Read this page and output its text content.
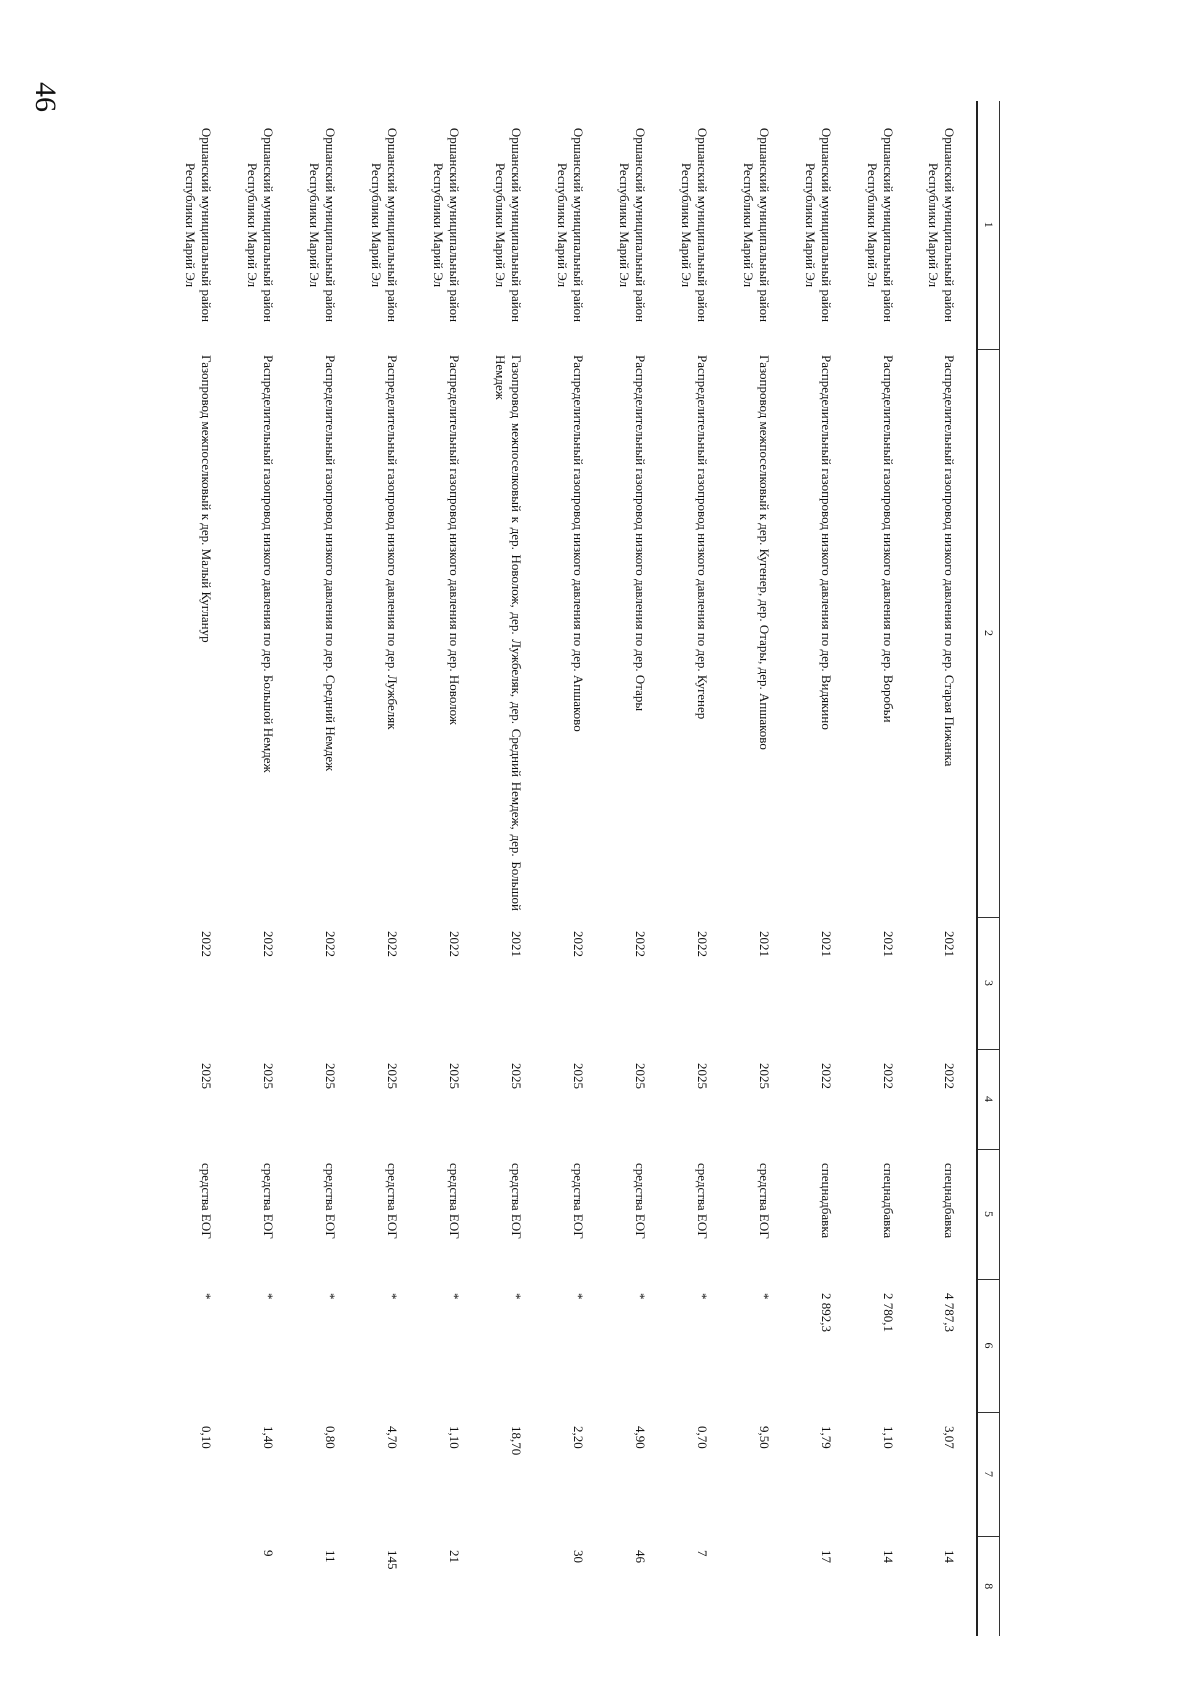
46
1	2	3	4	5	6	7	8
Оршанский муниципальный район Республики Марий Эл	Распределительный газопровод низкого давления по дер. Старая Пижанка	2021	2022	спецнадбавка	4 787,3	3,07	14
Оршанский муниципальный район Республики Марий Эл	Распределительный газопровод низкого давления по дер. Воробьи	2021	2022	спецнадбавка	2 780,1	1,10	14
Оршанский муниципальный район Республики Марий Эл	Распределительный газопровод низкого давления по дер. Видякино	2021	2022	спецнадбавка	2 892,3	1,79	17
Оршанский муниципальный район Республики Марий Эл	Газопровод межпоселковый к дер. Кугенер, дер. Отары, дер. Апшаково	2021	2025	средства ЕОГ	*	9,50	
Оршанский муниципальный район Республики Марий Эл	Распределительный газопровод низкого давления по дер. Кугенер	2022	2025	средства ЕОГ	*	0,70	7
Оршанский муниципальный район Республики Марий Эл	Распределительный газопровод низкого давления по дер. Отары	2022	2025	средства ЕОГ	*	4,90	46
Оршанский муниципальный район Республики Марий Эл	Распределительный газопровод низкого давления по дер. Апшаково	2022	2025	средства ЕОГ	*	2,20	30
Оршанский муниципальный район Республики Марий Эл	Газопровод межпоселковый к дер. Новолож, дер. Лужбеляк, дер. Средний Немдеж, дер. Большой Немдеж	2021	2025	средства ЕОГ	*	18,70	
Оршанский муниципальный район Республики Марий Эл	Распределительный газопровод низкого давления по дер. Новолож	2022	2025	средства ЕОГ	*	1,10	21
Оршанский муниципальный район Республики Марий Эл	Распределительный газопровод низкого давления по дер. Лужбеляк	2022	2025	средства ЕОГ	*	4,70	145
Оршанский муниципальный район Республики Марий Эл	Распределительный газопровод низкого давления по дер. Средний Немдеж	2022	2025	средства ЕОГ	*	0,80	11
Оршанский муниципальный район Республики Марий Эл	Распределительный газопровод низкого давления по дер. Большой Немдеж	2022	2025	средства ЕОГ	*	1,40	9
Оршанский муниципальный район Республики Марий Эл	Газопровод межпоселковый к дер. Малый Кугланур	2022	2025	средства ЕОГ	*	0,10	
